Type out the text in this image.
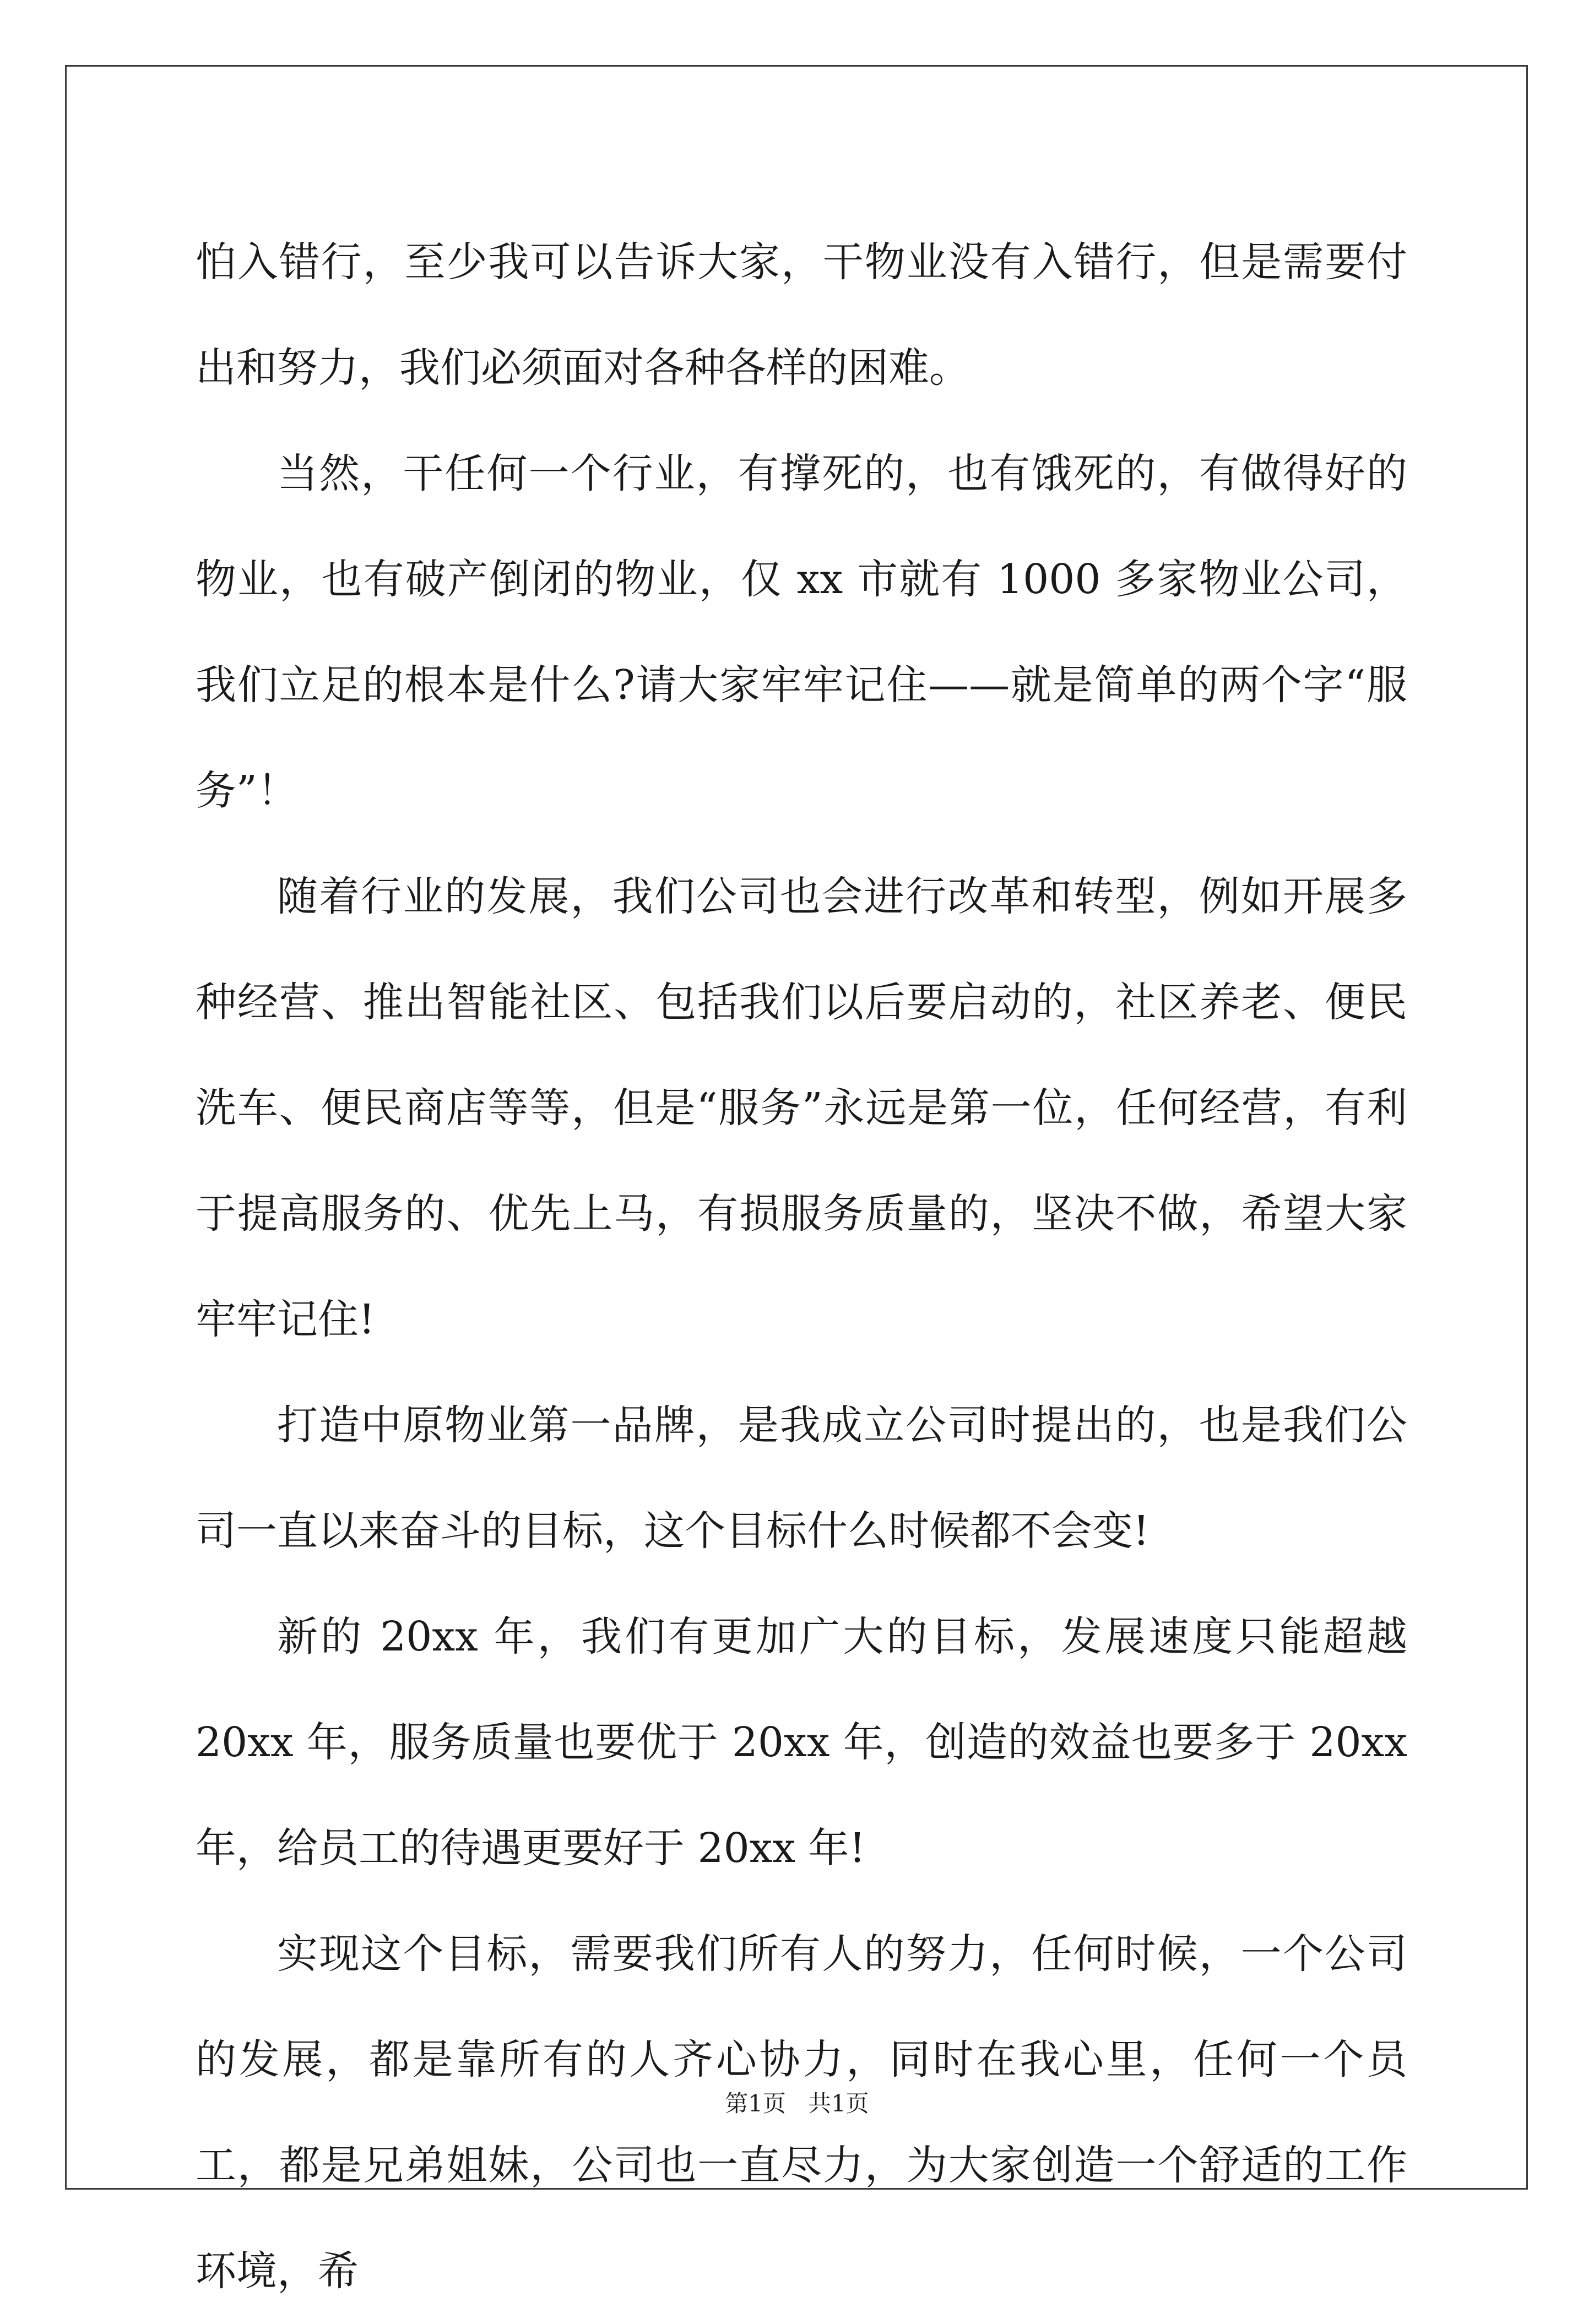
怕入错行，至少我可以告诉大家，干物业没有入错行，但是需要付出和努力，我们必须面对各种各样的困难。

当然，干任何一个行业，有撑死的，也有饿死的，有做得好的物业，也有破产倒闭的物业，仅 xx 市就有 1000 多家物业公司，我们立足的根本是什么?请大家牢牢记住——就是简单的两个字“服务”！

随着行业的发展，我们公司也会进行改革和转型，例如开展多种经营、推出智能社区、包括我们以后要启动的，社区养老、便民洗车、便民商店等等，但是“服务”永远是第一位，任何经营，有利于提高服务的、优先上马，有损服务质量的，坚决不做，希望大家牢牢记住!

打造中原物业第一品牌，是我成立公司时提出的，也是我们公司一直以来奋斗的目标，这个目标什么时候都不会变!

新的 20xx 年，我们有更加广大的目标，发展速度只能超越 20xx 年，服务质量也要优于 20xx 年，创造的效益也要多于 20xx 年，给员工的待遇更要好于 20xx 年!

实现这个目标，需要我们所有人的努力，任何时候，一个公司的发展，都是靠所有的人齐心协力，同时在我心里，任何一个员工，都是兄弟姐妹，公司也一直尽力，为大家创造一个舒适的工作环境，希

第1页 共1页
